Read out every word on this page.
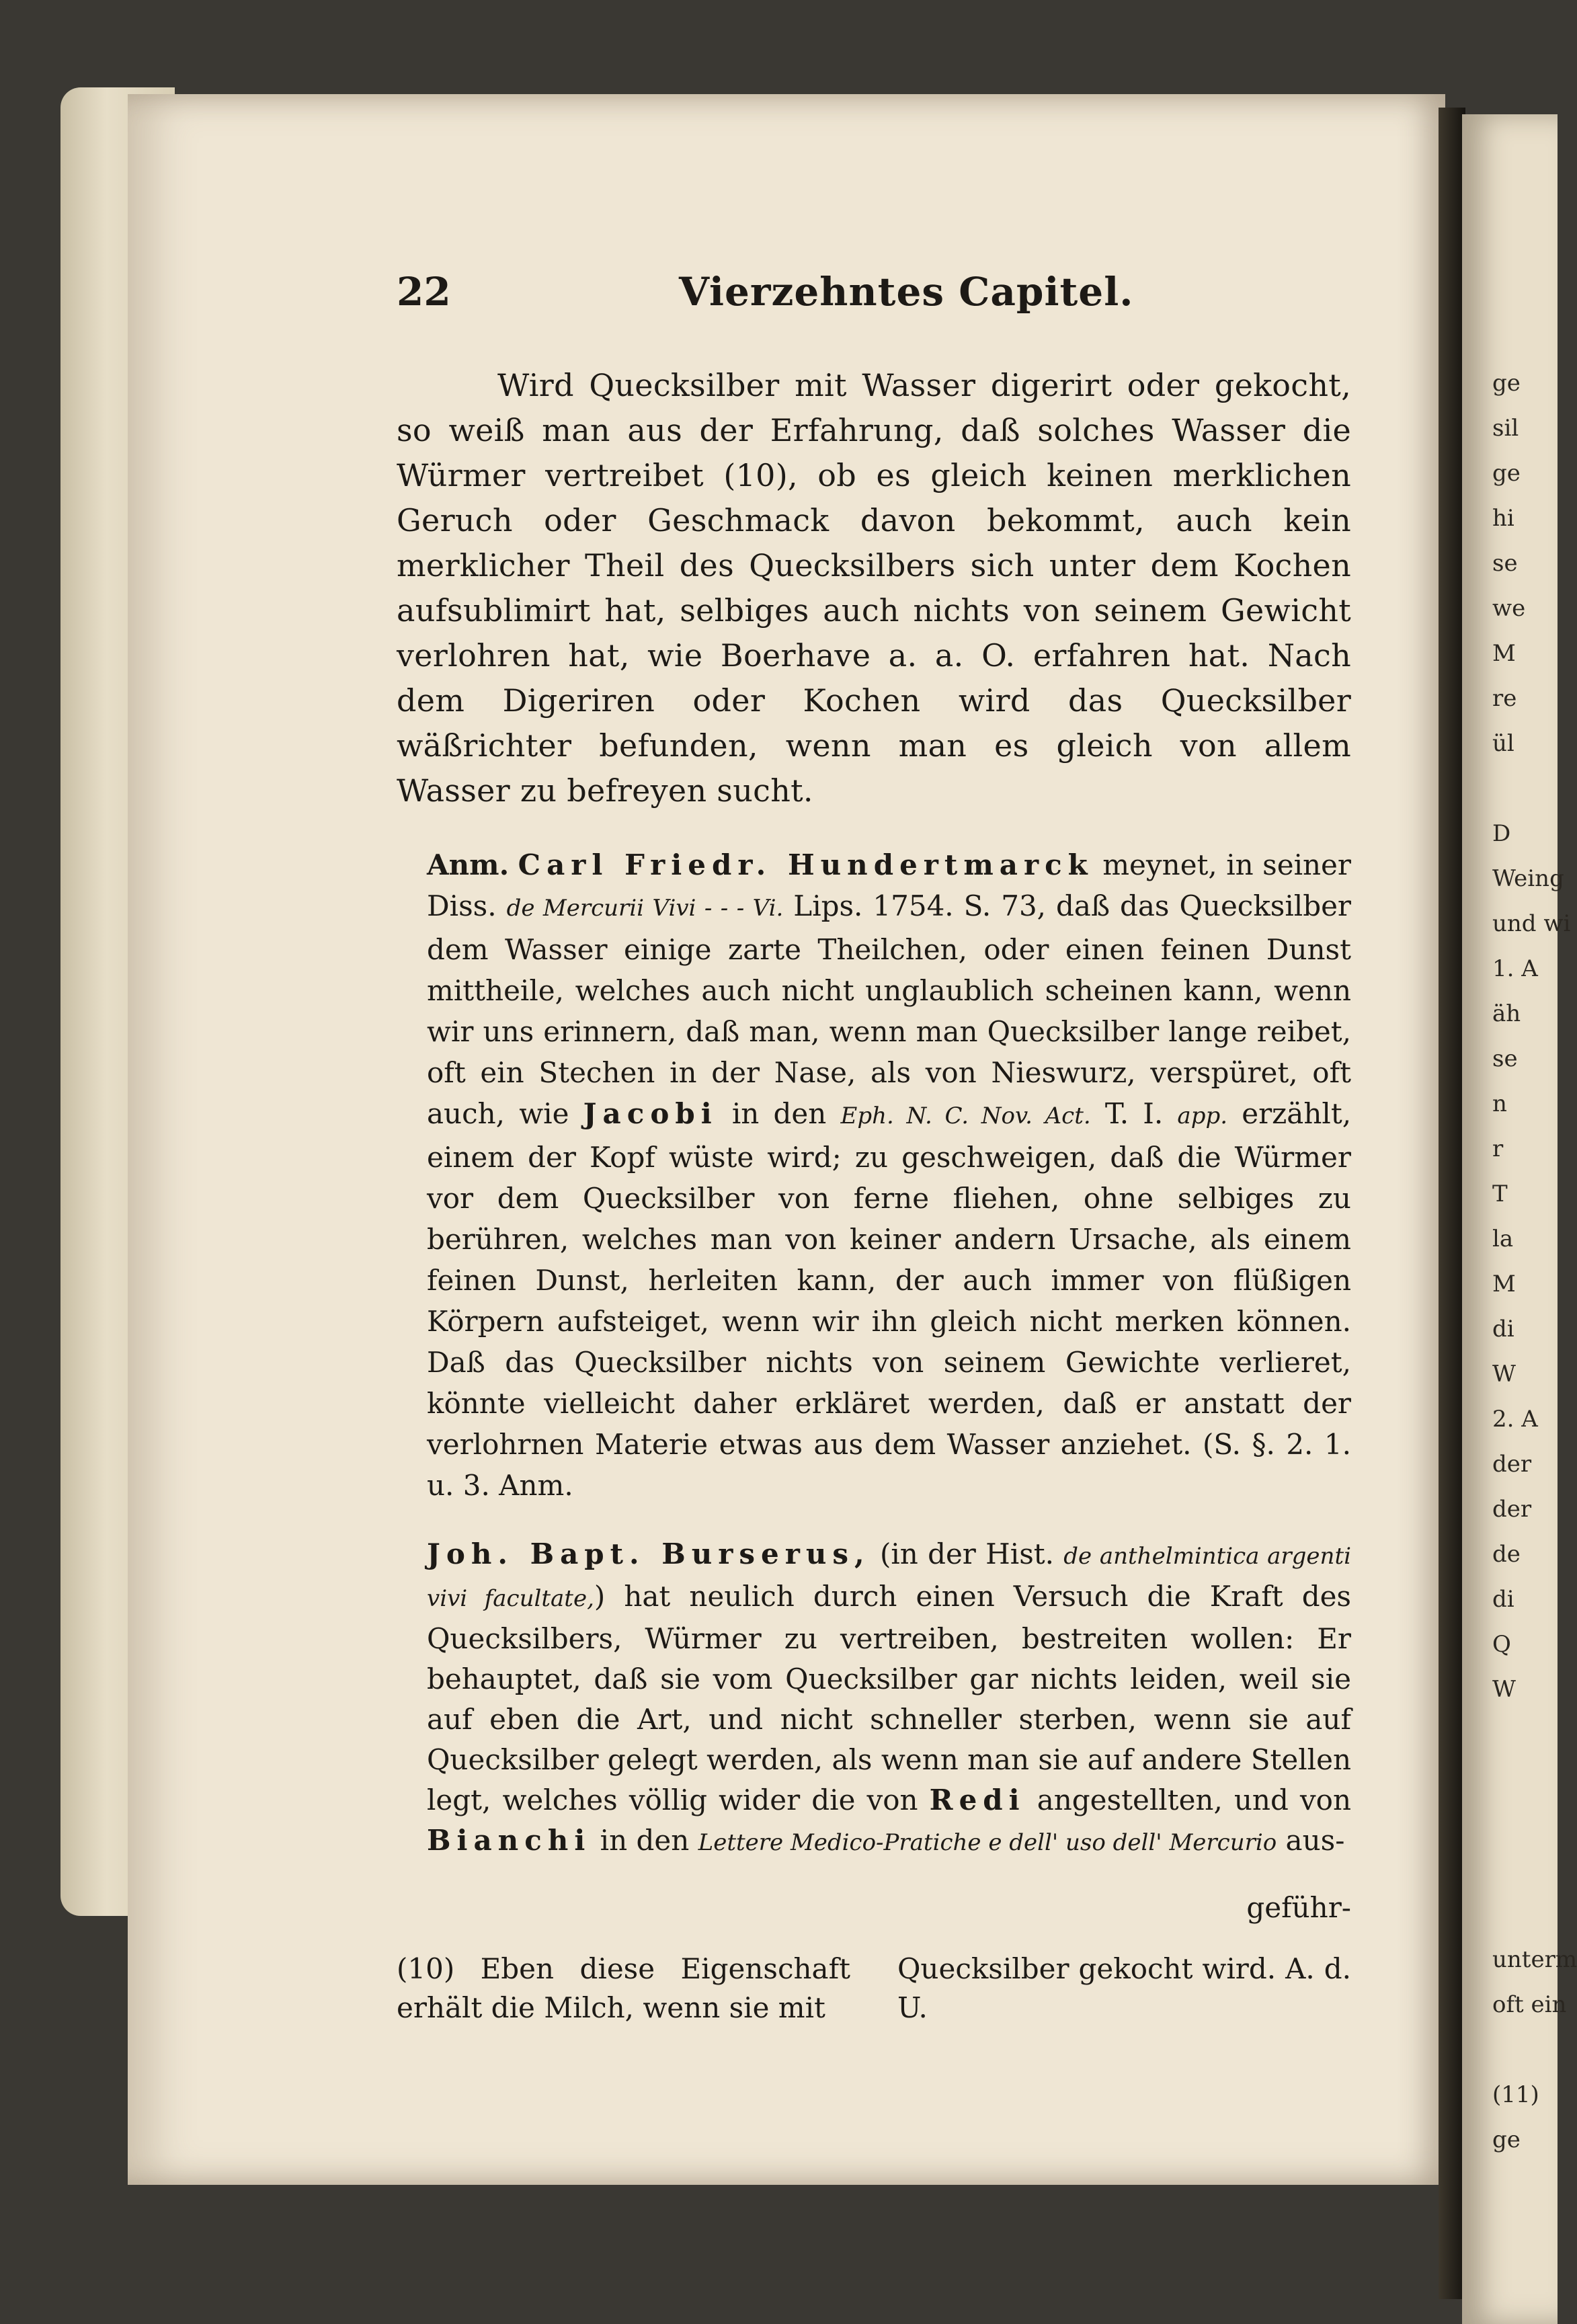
ge
sil
ge
hi
se
we
M
re
ül
D
Weing
und wi
1. A
äh
se
n
r
T
la
M
di
W
2. A
der
der
de
di
Q
W
unterm
oft ein
(11)
ge
22	Vierzehntes Capitel.

Wird Quecksilber mit Wasser digerirt oder gekocht, so weiß man aus der Erfahrung, daß solches Wasser die Würmer vertreibet (10), ob es gleich keinen merklichen Geruch oder Geschmack davon bekommt, auch kein merklicher Theil des Quecksilbers sich unter dem Kochen aufsublimirt hat, selbiges auch nichts von seinem Gewicht verlohren hat, wie Boerhave a. a. O. erfahren hat. Nach dem Digeriren oder Kochen wird das Quecksilber wäßrichter befunden, wenn man es gleich von allem Wasser zu befreyen sucht.

Anm. Carl Friedr. Hundertmarck meynet, in seiner Diss. de Mercurii Vivi - - - Vi. Lips. 1754. S. 73, daß das Quecksilber dem Wasser einige zarte Theilchen, oder einen feinen Dunst mittheile, welches auch nicht unglaublich scheinen kann, wenn wir uns erinnern, daß man, wenn man Quecksilber lange reibet, oft ein Stechen in der Nase, als von Nieswurz, verspüret, oft auch, wie Jacobi in den Eph. N. C. Nov. Act. T. I. app. erzählt, einem der Kopf wüste wird; zu geschweigen, daß die Würmer vor dem Quecksilber von ferne fliehen, ohne selbiges zu berühren, welches man von keiner andern Ursache, als einem feinen Dunst, herleiten kann, der auch immer von flüßigen Körpern aufsteiget, wenn wir ihn gleich nicht merken können. Daß das Quecksilber nichts von seinem Gewichte verlieret, könnte vielleicht daher erkläret werden, daß er anstatt der verlohrnen Materie etwas aus dem Wasser anziehet. (S. §. 2. 1. u. 3. Anm.

Joh. Bapt. Burserus, (in der Hist. de anthelmintica argenti vivi facultate,) hat neulich durch einen Versuch die Kraft des Quecksilbers, Würmer zu vertreiben, bestreiten wollen: Er behauptet, daß sie vom Quecksilber gar nichts leiden, weil sie auf eben die Art, und nicht schneller sterben, wenn sie auf Quecksilber gelegt werden, als wenn man sie auf andere Stellen legt, welches völlig wider die von Redi angestellten, und von Bianchi in den Lettere Medico-Pratiche e dell' uso dell' Mercurio aus-

geführ-
(10) Eben diese Eigenschaft erhält die Milch, wenn sie mit
Quecksilber gekocht wird. A. d. U.
